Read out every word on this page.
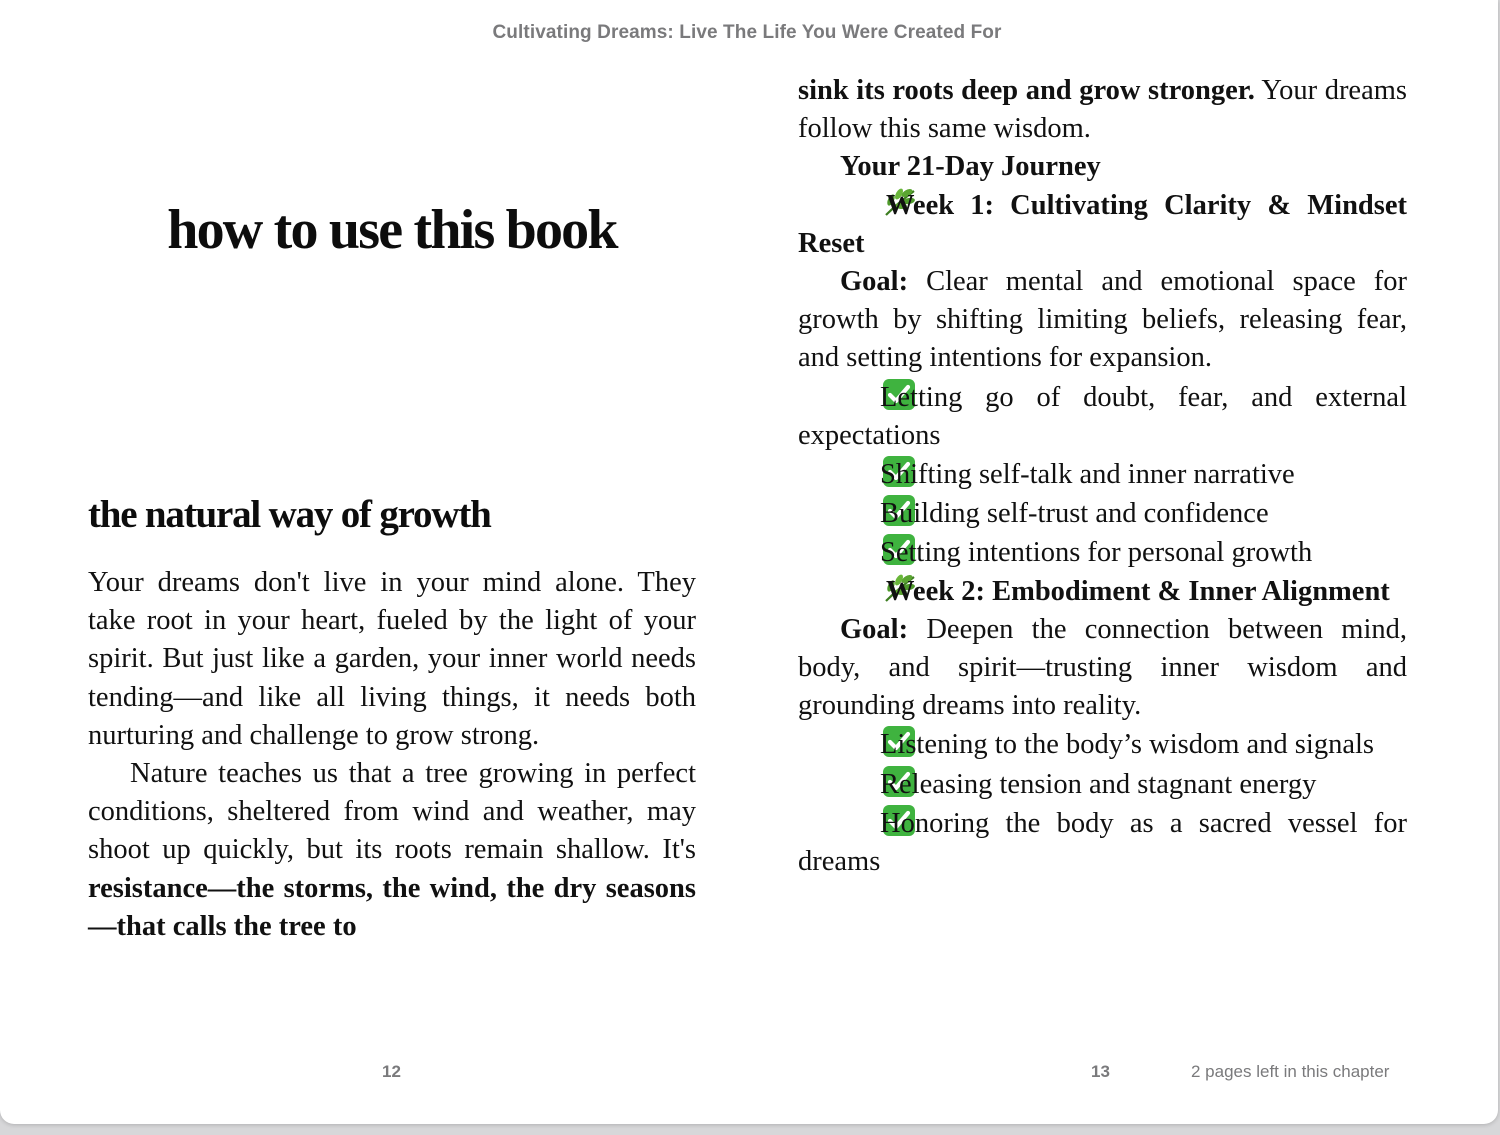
Cultivating Dreams: Live The Life You Were Created For
how to use this book
the natural way of growth

Your dreams don't live in your mind alone. They take root in your heart, fueled by the light of your spirit. But just like a garden, your inner world needs tending—and like all living things, it needs both nurturing and challenge to grow strong.

Nature teaches us that a tree growing in perfect conditions, sheltered from wind and weather, may shoot up quickly, but its roots remain shallow. It's resistance—the storms, the wind, the dry seasons—that calls the tree to

sink its roots deep and grow stronger. Your dreams follow this same wisdom.

Your 21-Day Journey

Week 1: Cultivating Clarity & Mindset Reset

Goal: Clear mental and emotional space for growth by shifting limiting beliefs, releasing fear, and setting intentions for expansion.

Letting go of doubt, fear, and external expectations

Shifting self-talk and inner narrative

Building self-trust and confidence

Setting intentions for personal growth

Week 2: Embodiment & Inner Alignment

Goal: Deepen the connection between mind, body, and spirit—trusting inner wisdom and grounding dreams into reality.

Listening to the body’s wisdom and signals

Releasing tension and stagnant energy

Honoring the body as a sacred vessel for dreams

12	13	2 pages left in this chapter
